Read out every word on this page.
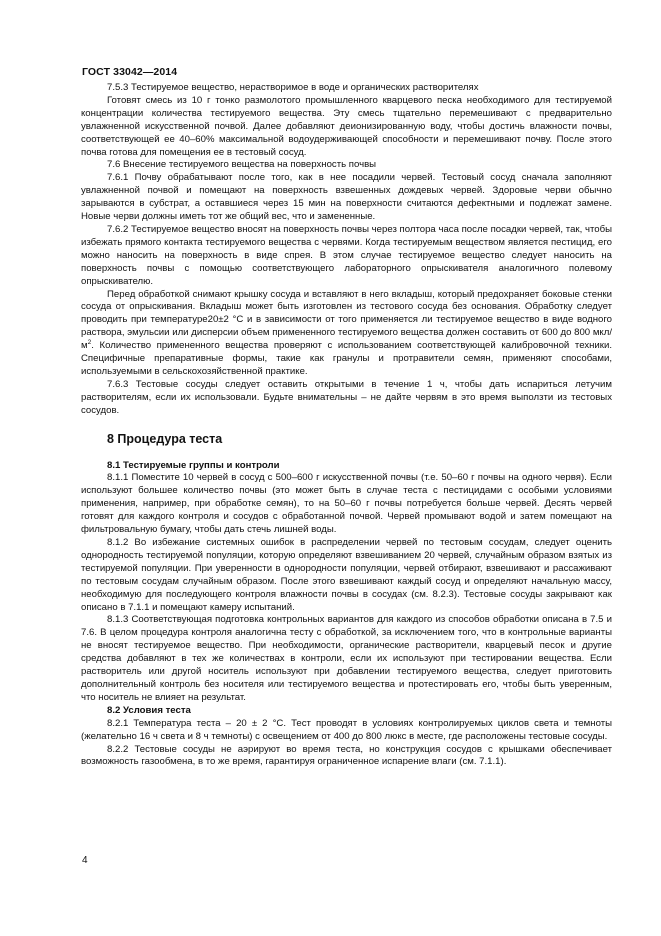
ГОСТ 33042—2014

7.5.3 Тестируемое вещество, нерастворимое в воде и органических растворителях

Готовят смесь из 10 г тонко размолотого промышленного кварцевого песка необходимого для тестируемой концентрации количества тестируемого вещества. Эту смесь тщательно перемешивают с предварительно увлажненной искусственной почвой. Далее добавляют деионизированную воду, чтобы достичь влажности почвы, соответствующей ее 40–60% максимальной водоудерживающей способности и перемешивают почву. После этого почва готова для помещения ее в тестовый сосуд.

7.6 Внесение тестируемого вещества на поверхность почвы

7.6.1 Почву обрабатывают после того, как в нее посадили червей. Тестовый сосуд сначала заполняют увлажненной почвой и помещают на поверхность взвешенных дождевых червей. Здоровые черви обычно зарываются в субстрат, а оставшиеся через 15 мин на поверхности считаются дефектными и подлежат замене. Новые черви должны иметь тот же общий вес, что и замененные.

7.6.2 Тестируемое вещество вносят на поверхность почвы через полтора часа после посадки червей, так, чтобы избежать прямого контакта тестируемого вещества с червями. Когда тестируемым веществом является пестицид, его можно наносить на поверхность в виде спрея. В этом случае тестируемое вещество следует наносить на поверхность почвы с помощью соответствующего лабораторного опрыскивателя аналогичного полевому опрыскивателю.

Перед обработкой снимают крышку сосуда и вставляют в него вкладыш, который предохраняет боковые стенки сосуда от опрыскивания. Вкладыш может быть изготовлен из тестового сосуда без основания. Обработку следует проводить при температуре20±2 °С и в зависимости от того применяется ли тестируемое вещество в виде водного раствора, эмульсии или дисперсии объем примененного тестируемого вещества должен составить от 600 до 800 мкл/$м^2$. Количество примененного вещества проверяют с использованием соответствующей калибровочной техники. Специфичные препаративные формы, такие как гранулы и протравители семян, применяют способами, используемыми в сельскохозяйственной практике.

7.6.3 Тестовые сосуды следует оставить открытыми в течение 1 ч, чтобы дать испариться летучим растворителям, если их использовали. Будьте внимательны – не дайте червям в это время выползти из тестовых сосудов.

8 Процедура теста

8.1 Тестируемые группы и контроли

8.1.1 Поместите 10 червей в сосуд с 500–600 г искусственной почвы (т.е. 50–60 г почвы на одного червя). Если используют большее количество почвы (это может быть в случае теста с пестицидами с особыми условиями применения, например, при обработке семян), то на 50–60 г почвы потребуется больше червей. Десять червей готовят для каждого контроля и сосудов с обработанной почвой. Червей промывают водой и затем помещают на фильтровальную бумагу, чтобы дать стечь лишней воды.

8.1.2 Во избежание системных ошибок в распределении червей по тестовым сосудам, следует оценить однородность тестируемой популяции, которую определяют взвешиванием 20 червей, случайным образом взятых из тестируемой популяции. При уверенности в однородности популяции, червей отбирают, взвешивают и рассаживают по тестовым сосудам случайным образом. После этого взвешивают каждый сосуд и определяют начальную массу, необходимую для последующего контроля влажности почвы в сосудах (см. 8.2.3). Тестовые сосуды закрывают как описано в 7.1.1 и помещают камеру испытаний.

8.1.3 Соответствующая подготовка контрольных вариантов для каждого из способов обработки описана в 7.5 и 7.6. В целом процедура контроля аналогична тесту с обработкой, за исключением того, что в контрольные варианты не вносят тестируемое вещество. При необходимости, органические растворители, кварцевый песок и другие средства добавляют в тех же количествах в контроли, если их используют при тестировании вещества. Если растворитель или другой носитель используют при добавлении тестируемого вещества, следует приготовить дополнительный контроль без носителя или тестируемого вещества и протестировать его, чтобы быть уверенным, что носитель не влияет на результат.

8.2 Условия теста

8.2.1 Температура теста – 20 ± 2 °С. Тест проводят в условиях контролируемых циклов света и темноты (желательно 16 ч света и 8 ч темноты) с освещением от 400 до 800 люкс в месте, где расположены тестовые сосуды.

8.2.2 Тестовые сосуды не аэрируют во время теста, но конструкция сосудов с крышками обеспечивает возможность газообмена, в то же время, гарантируя ограниченное испарение влаги (см. 7.1.1).

4
